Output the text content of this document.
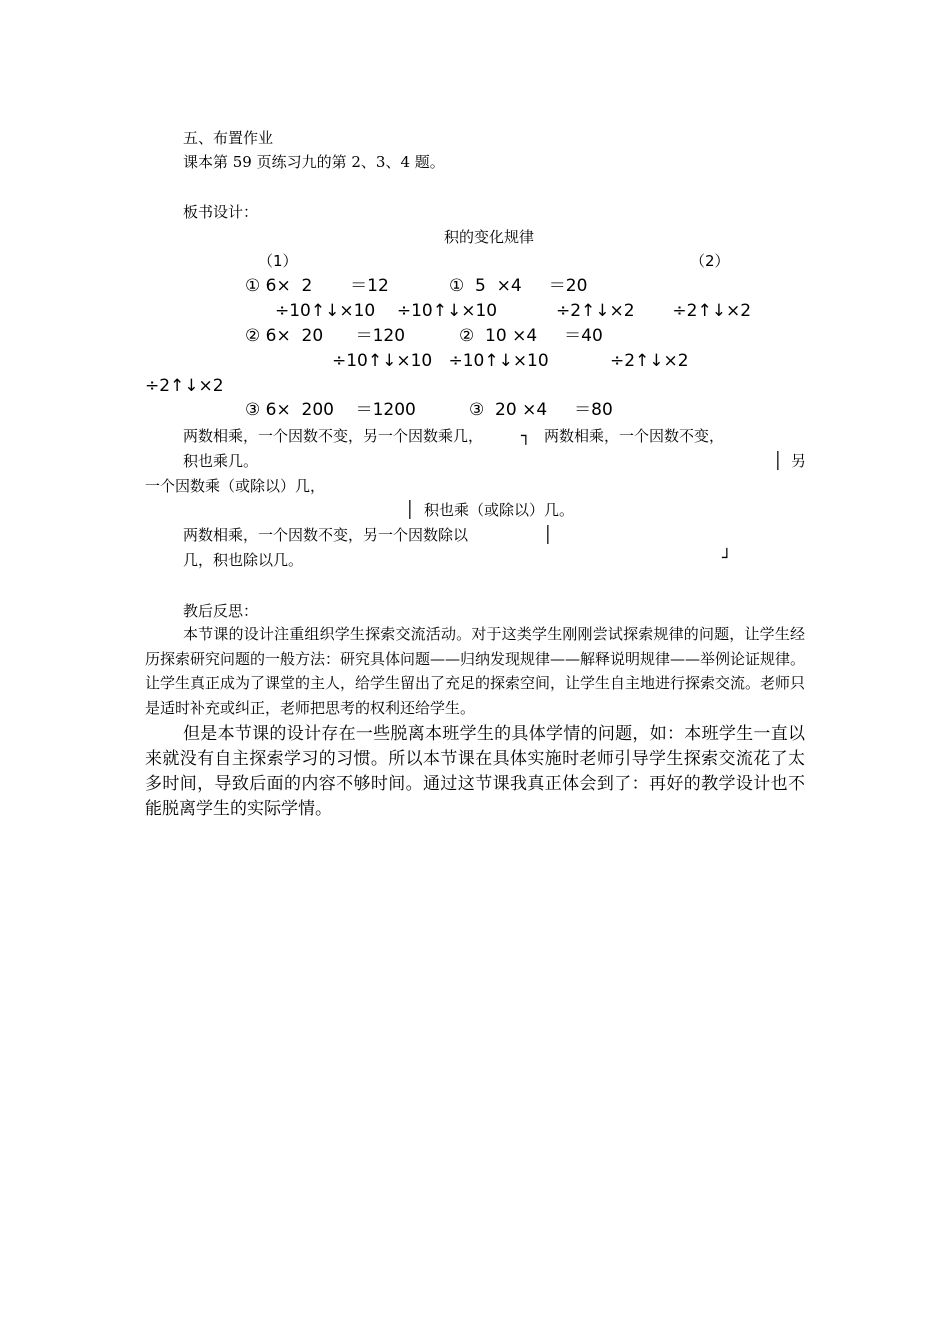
五、布置作业
课本第 59 页练习九的第 2、3、4 题。
板书设计：
积的变化规律
（1）	（2）
① 6×  2       ＝12	①  5  ×4     ＝20
÷10↑↓×10    ÷10↑↓×10	÷2↑↓×2       ÷2↑↓×2
② 6×  20      ＝120	②  10 ×4     ＝40
÷10↑↓×10   ÷10↑↓×10	÷2↑↓×2
÷2↑↓×2
③ 6×  200    ＝1200	③  20 ×4     ＝80
两数相乘，一个因数不变，另一个因数乘几， ┐ 两数相乘，一个因数不变，
积也乘几。	│ 另
一个因数乘（或除以）几，
│ 积也乘（或除以）几。
两数相乘，一个因数不变，另一个因数除以	│
几，积也除以几。	┘
教后反思：
本节课的设计注重组织学生探索交流活动。对于这类学生刚刚尝试探索规律的问题，让学生经历探索研究问题的一般方法：研究具体问题——归纳发现规律——解释说明规律——举例论证规律。让学生真正成为了课堂的主人，给学生留出了充足的探索空间，让学生自主地进行探索交流。老师只是适时补充或纠正，老师把思考的权利还给学生。
但是本节课的设计存在一些脱离本班学生的具体学情的问题，如：本班学生一直以来就没有自主探索学习的习惯。所以本节课在具体实施时老师引导学生探索交流花了太多时间，导致后面的内容不够时间。通过这节课我真正体会到了：再好的教学设计也不能脱离学生的实际学情。
